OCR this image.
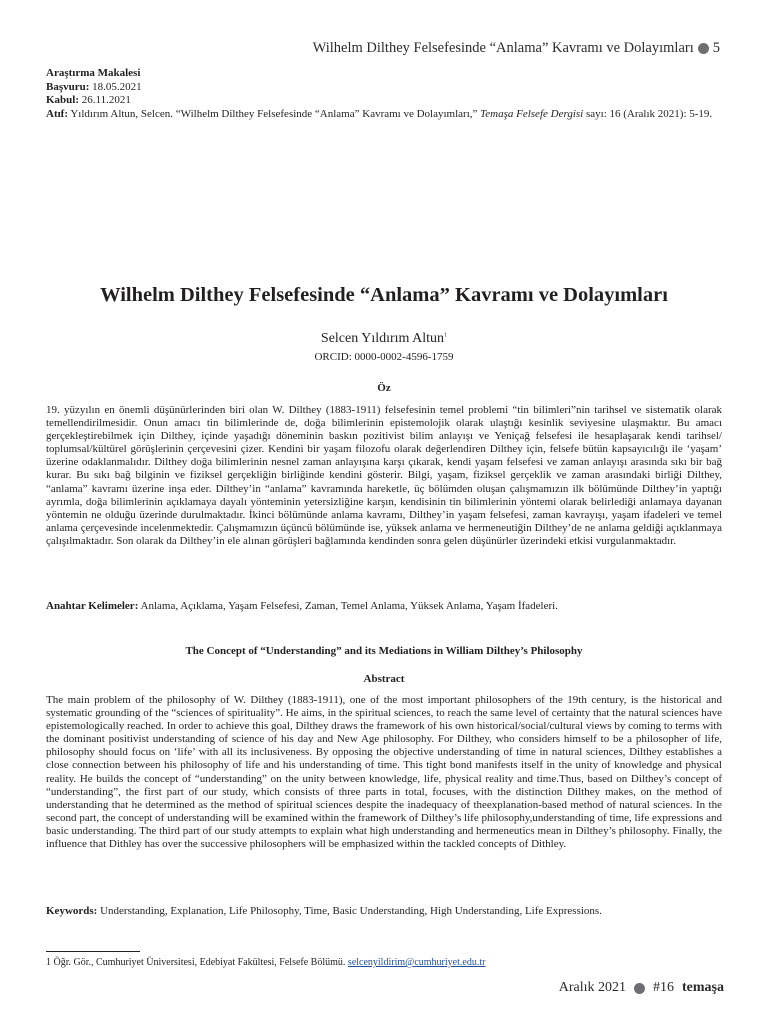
Wilhelm Dilthey Felsefesinde “Anlama” Kavramı ve Dolayımları 5
Araştırma Makalesi
Başvuru: 18.05.2021
Kabul: 26.11.2021
Atıf: Yıldırım Altun, Selcen. “Wilhelm Dilthey Felsefesinde “Anlama” Kavramı ve Dolayımları,” Temaşa Felsefe Dergisi sayı: 16 (Aralık 2021): 5-19.
Wilhelm Dilthey Felsefesinde “Anlama” Kavramı ve Dolayımları
Selcen Yıldırım Altun$^1$
ORCID: 0000-0002-4596-1759
Öz

19. yüzyılın en önemli düşünürlerinden biri olan W. Dilthey (1883-1911) felsefesinin temel problemi “tin bilimleri”nin tarihsel ve sistematik olarak temellendirilmesidir. Onun amacı tin bilimlerinde de, doğa bilimlerinin epistemolojik olarak ulaştığı kesinlik seviyesine ulaşmaktır. Bu amacı gerçekleştirebilmek için Dilthey, içinde yaşadığı döneminin baskın pozitivist bilim anlayışı ve Yeniçağ felsefesi ile hesaplaşarak kendi tarihsel/ toplumsal/kültürel görüşlerinin çerçevesini çizer. Kendini bir yaşam filozofu olarak değerlendiren Dilthey için, felsefe bütün kapsayıcılığı ile ‘yaşam’ üzerine odaklanmalıdır. Dilthey doğa bilimlerinin nesnel zaman anlayışına karşı çıkarak, kendi yaşam felsefesi ve zaman anlayışı arasında sıkı bir bağ kurar. Bu sıkı bağ bilginin ve fiziksel gerçekliğin birliğinde kendini gösterir. Bilgi, yaşam, fiziksel gerçeklik ve zaman arasındaki birliği Dilthey, “anlama” kavramı üzerine inşa eder. Dilthey’in “anlama” kavramında hareketle, üç bölümden oluşan çalışmamızın ilk bölümünde Dilthey’in yaptığı ayrımla, doğa bilimlerinin açıklamaya dayalı yönteminin yetersizliğine karşın, kendisinin tin bilimlerinin yöntemi olarak belirlediği anlamaya dayanan yöntemin ne olduğu üzerinde durulmaktadır. İkinci bölümünde anlama kavramı, Dilthey’in yaşam felsefesi, zaman kavrayışı, yaşam ifadeleri ve temel anlama çerçevesinde incelenmektedir. Çalışmamızın üçüncü bölümünde ise, yüksek anlama ve hermeneutiğin Dilthey’de ne anlama geldiği açıklanmaya çalışılmaktadır. Son olarak da Dilthey’in ele alınan görüşleri bağlamında kendinden sonra gelen düşünürler üzerindeki etkisi vurgulanmaktadır.

Anahtar Kelimeler: Anlama, Açıklama, Yaşam Felsefesi, Zaman, Temel Anlama, Yüksek Anlama, Yaşam İfadeleri.
The Concept of “Understanding” and its Mediations in William Dilthey’s Philosophy
Abstract

The main problem of the philosophy of W. Dilthey (1883-1911), one of the most important philosophers of the 19th century, is the historical and systematic grounding of the “sciences of spirituality”. He aims, in the spiritual sciences, to reach the same level of certainty that the natural sciences have epistemologically reached. In order to achieve this goal, Dilthey draws the framework of his own historical/social/cultural views by coming to terms with the dominant positivist understanding of science of his day and New Age philosophy. For Dilthey, who considers himself to be a philosopher of life, philosophy should focus on ‘life’ with all its inclusiveness. By opposing the objective understanding of time in natural sciences, Dilthey establishes a close connection between his philosophy of life and his understanding of time. This tight bond manifests itself in the unity of knowledge and physical reality. He builds the concept of “understanding” on the unity between knowledge, life, physical reality and time.Thus, based on Dilthey’s concept of “understanding”, the first part of our study, which consists of three parts in total, focuses, with the distinction Dilthey makes, on the method of understanding that he determined as the method of spiritual sciences despite the inadequacy of theexplanation-based method of natural sciences. In the second part, the concept of understanding will be examined within the framework of Dilthey’s life philosophy,understanding of time, life expressions and basic understanding. The third part of our study attempts to explain what high understanding and hermeneutics mean in Dilthey’s philosophy. Finally, the influence that Dithley has over the successive philosophers will be emphasized within the tackled concepts of Dithley.

Keywords: Understanding, Explanation, Life Philosophy, Time, Basic Understanding, High Understanding, Life Expressions.
1 Öğr. Gör., Cumhuriyet Üniversitesi, Edebiyat Fakültesi, Felsefe Bölümü. selcenyildirim@cumhuriyet.edu.tr
Aralık 2021 #16 temaşa
